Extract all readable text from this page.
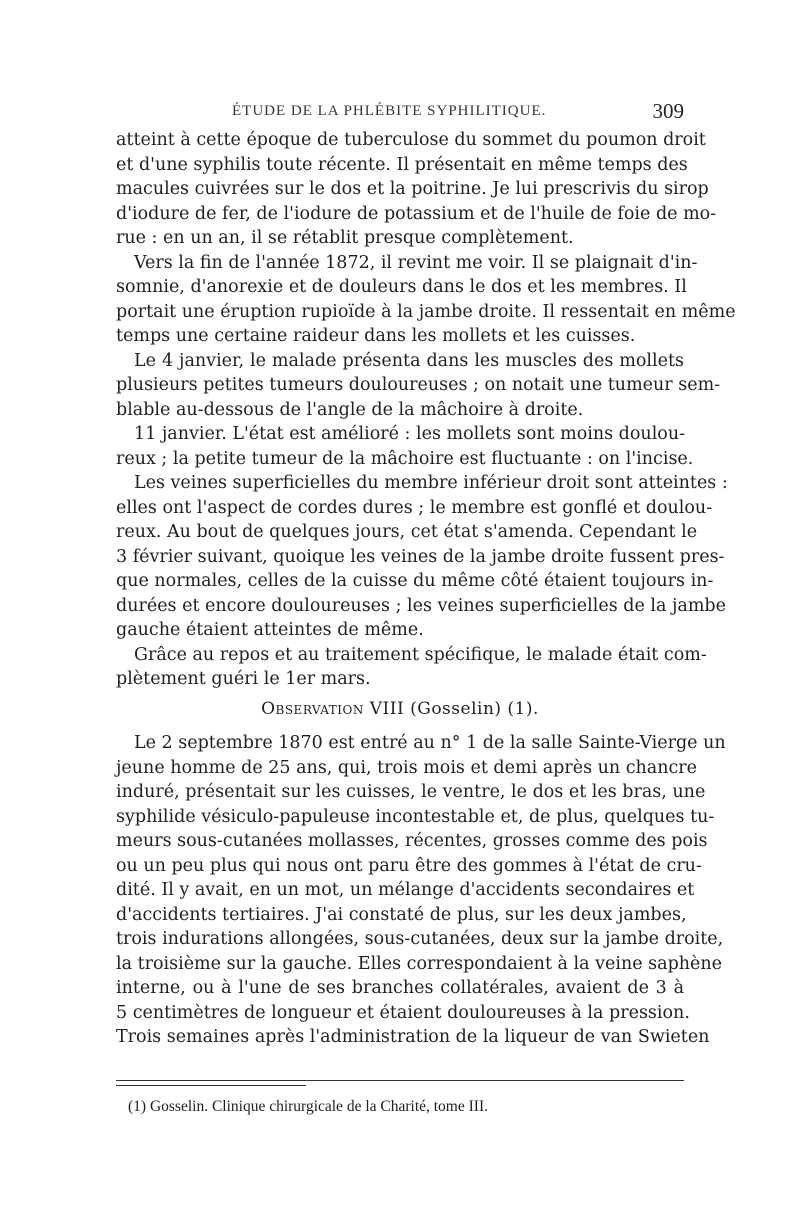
ÉTUDE DE LA PHLÉBITE SYPHILITIQUE.	309
atteint à cette époque de tuberculose du sommet du poumon droit
et d'une syphilis toute récente. Il présentait en même temps des
macules cuivrées sur le dos et la poitrine. Je lui prescrivis du sirop
d'iodure de fer, de l'iodure de potassium et de l'huile de foie de mo-
rue : en un an, il se rétablit presque complètement.
Vers la fin de l'année 1872, il revint me voir. Il se plaignait d'in-
somnie, d'anorexie et de douleurs dans le dos et les membres. Il
portait une éruption rupioïde à la jambe droite. Il ressentait en même
temps une certaine raideur dans les mollets et les cuisses.
Le 4 janvier, le malade présenta dans les muscles des mollets
plusieurs petites tumeurs douloureuses ; on notait une tumeur sem-
blable au-dessous de l'angle de la mâchoire à droite.
11 janvier. L'état est amélioré : les mollets sont moins doulou-
reux ; la petite tumeur de la mâchoire est fluctuante : on l'incise.
Les veines superficielles du membre inférieur droit sont atteintes :
elles ont l'aspect de cordes dures ; le membre est gonflé et doulou-
reux. Au bout de quelques jours, cet état s'amenda. Cependant le
3 février suivant, quoique les veines de la jambe droite fussent pres-
que normales, celles de la cuisse du même côté étaient toujours in-
durées et encore douloureuses ; les veines superficielles de la jambe
gauche étaient atteintes de même.
Grâce au repos et au traitement spécifique, le malade était com-
plètement guéri le 1er mars.
Observation VIII (Gosselin) (1).
Le 2 septembre 1870 est entré au n° 1 de la salle Sainte-Vierge un
jeune homme de 25 ans, qui, trois mois et demi après un chancre
induré, présentait sur les cuisses, le ventre, le dos et les bras, une
syphilide vésiculo-papuleuse incontestable et, de plus, quelques tu-
meurs sous-cutanées mollasses, récentes, grosses comme des pois
ou un peu plus qui nous ont paru être des gommes à l'état de cru-
dité. Il y avait, en un mot, un mélange d'accidents secondaires et
d'accidents tertiaires. J'ai constaté de plus, sur les deux jambes,
trois indurations allongées, sous-cutanées, deux sur la jambe droite,
la troisième sur la gauche. Elles correspondaient à la veine saphène
interne, ou à l'une de ses branches collatérales, avaient de 3 à
5 centimètres de longueur et étaient douloureuses à la pression.
Trois semaines après l'administration de la liqueur de van Swieten
(1) Gosselin. Clinique chirurgicale de la Charité, tome III.
